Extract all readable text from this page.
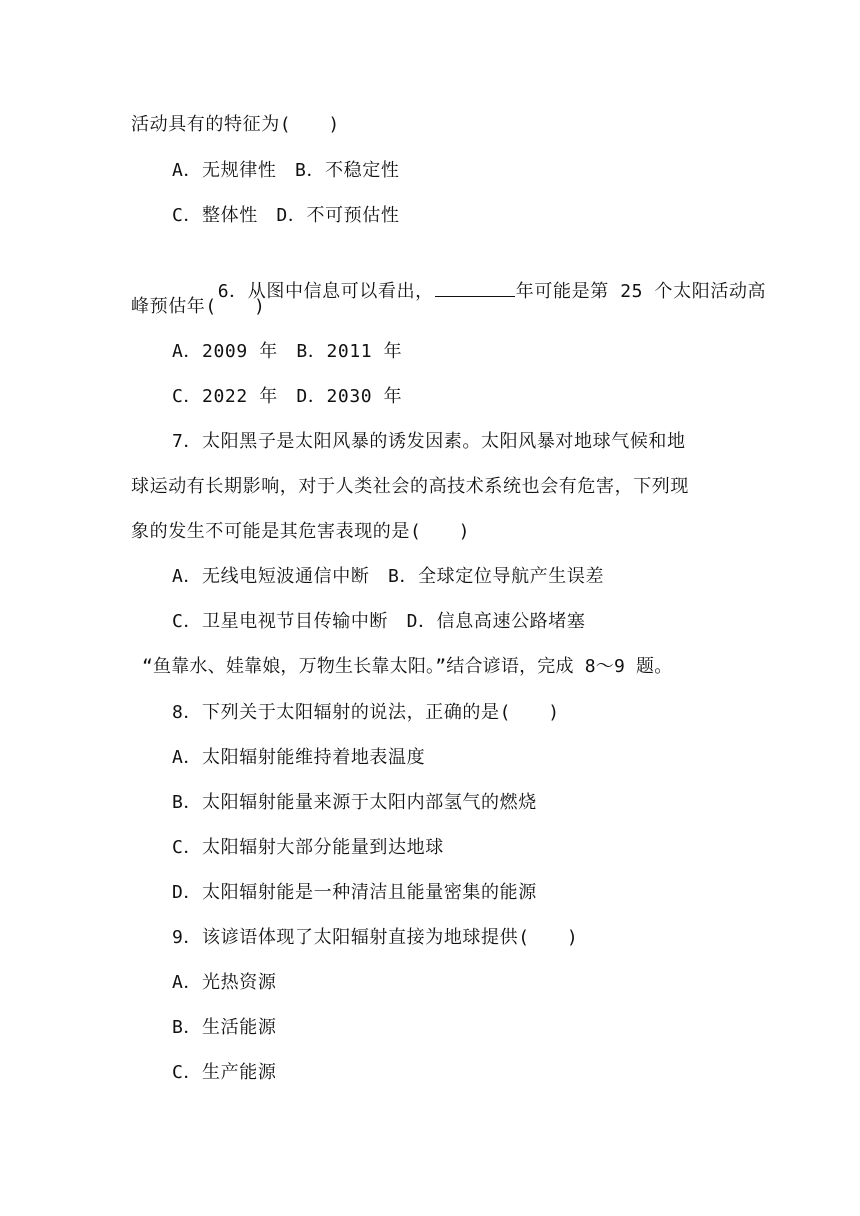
活动具有的特征为(　　)
A．无规律性　B．不稳定性
C．整体性　D．不可预估性

6．从图中信息可以看出，	年可能是第 25 个太阳活动高

峰预估年(　　)
A．2009 年　B．2011 年
C．2022 年　D．2030 年
7．太阳黑子是太阳风暴的诱发因素。太阳风暴对地球气候和地
球运动有长期影响，对于人类社会的高技术系统也会有危害，下列现
象的发生不可能是其危害表现的是(　　)
A．无线电短波通信中断　B．全球定位导航产生误差
C．卫星电视节目传输中断　D．信息高速公路堵塞
“鱼靠水、娃靠娘，万物生长靠太阳。”结合谚语，完成 8～9 题。
8．下列关于太阳辐射的说法，正确的是(　　)
A．太阳辐射能维持着地表温度
B．太阳辐射能量来源于太阳内部氢气的燃烧
C．太阳辐射大部分能量到达地球
D．太阳辐射能是一种清洁且能量密集的能源
9．该谚语体现了太阳辐射直接为地球提供(　　)
A．光热资源
B．生活能源
C．生产能源
